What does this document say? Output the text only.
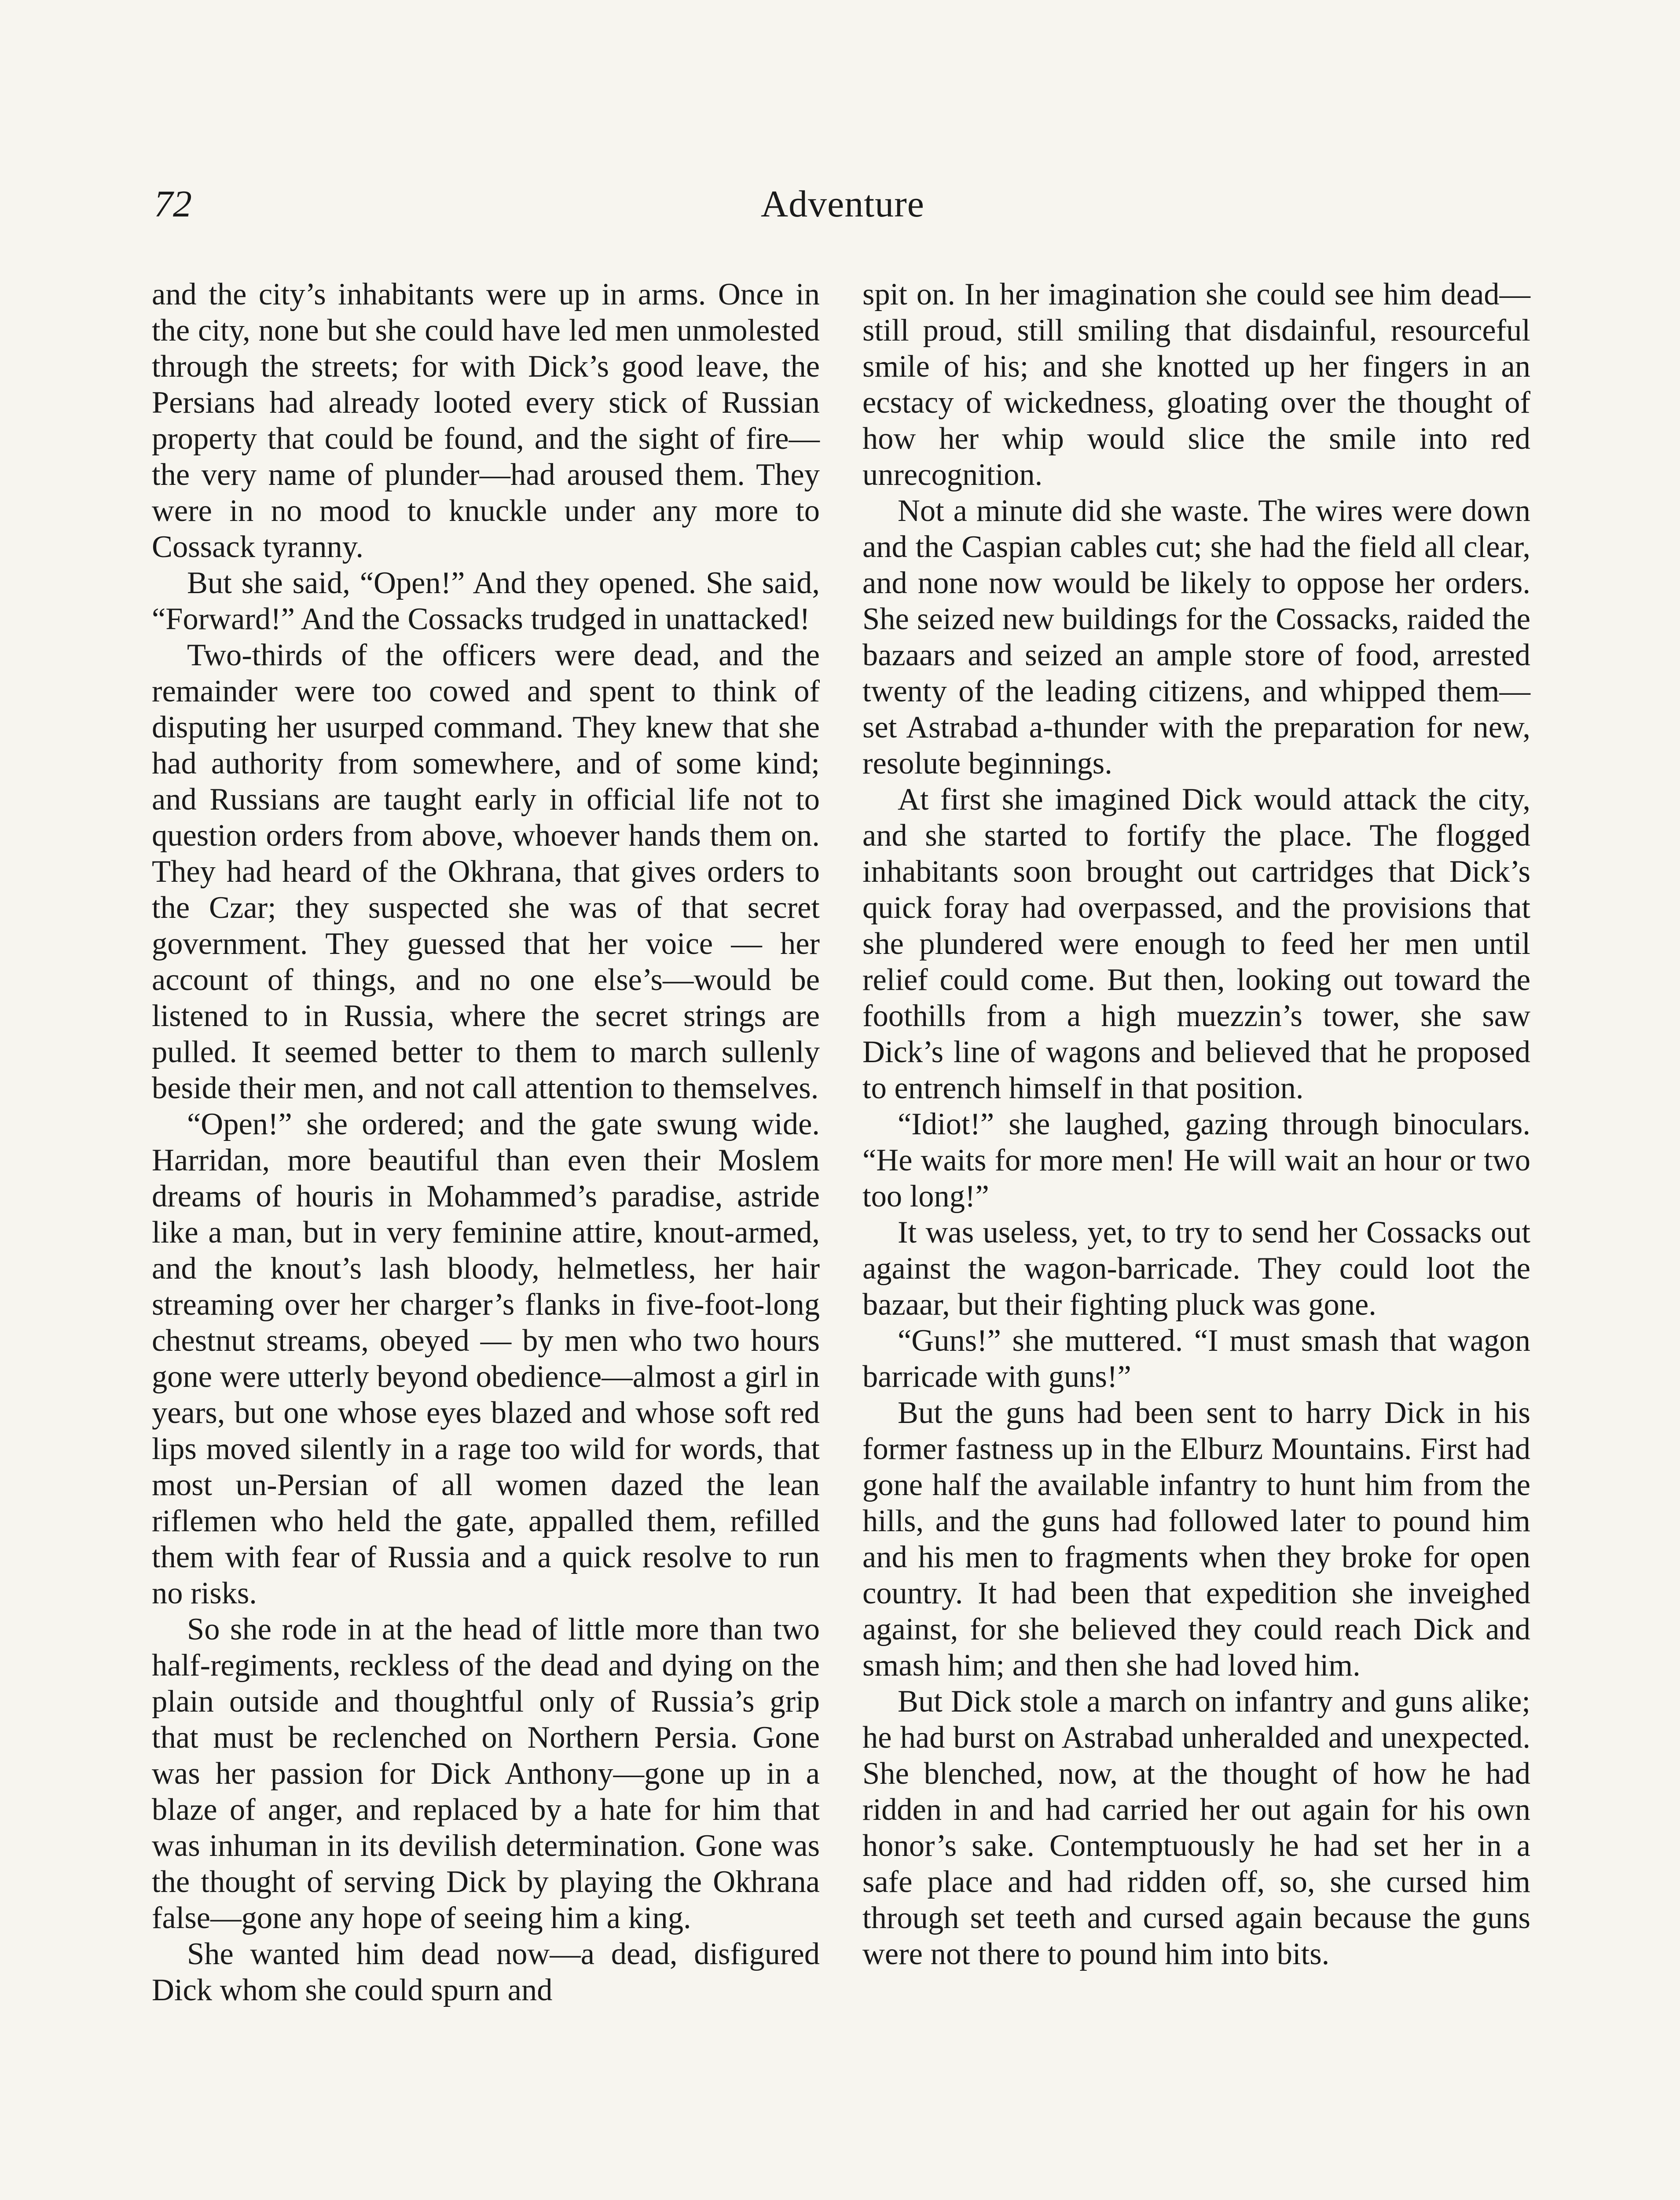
72	Adventure

and the city’s inhabitants were up in arms. Once in the city, none but she could have led men unmolested through the streets; for with Dick’s good leave, the Persians had already looted every stick of Russian property that could be found, and the sight of fire—the very name of plunder—had aroused them. They were in no mood to knuckle under any more to Cossack tyranny.

But she said, “Open!” And they opened. She said, “Forward!” And the Cossacks trudged in unattacked!

Two-thirds of the officers were dead, and the remainder were too cowed and spent to think of disputing her usurped command. They knew that she had authority from somewhere, and of some kind; and Russians are taught early in official life not to question orders from above, whoever hands them on. They had heard of the Okhrana, that gives orders to the Czar; they suspected she was of that secret government. They guessed that her voice — her account of things, and no one else’s—would be listened to in Russia, where the secret strings are pulled. It seemed better to them to march sullenly beside their men, and not call attention to themselves.

“Open!” she ordered; and the gate swung wide. Harridan, more beautiful than even their Moslem dreams of houris in Mohammed’s paradise, astride like a man, but in very feminine attire, knout-armed, and the knout’s lash bloody, helmetless, her hair streaming over her charger’s flanks in five-foot-long chestnut streams, obeyed — by men who two hours gone were utterly beyond obedience—almost a girl in years, but one whose eyes blazed and whose soft red lips moved silently in a rage too wild for words, that most un-Persian of all women dazed the lean riflemen who held the gate, appalled them, refilled them with fear of Russia and a quick resolve to run no risks.

So she rode in at the head of little more than two half-regiments, reckless of the dead and dying on the plain outside and thoughtful only of Russia’s grip that must be reclenched on Northern Persia. Gone was her passion for Dick Anthony—gone up in a blaze of anger, and replaced by a hate for him that was inhuman in its devilish determination. Gone was the thought of serving Dick by playing the Okhrana false—gone any hope of seeing him a king.

She wanted him dead now—a dead, disfigured Dick whom she could spurn and

spit on. In her imagination she could see him dead—still proud, still smiling that disdainful, resourceful smile of his; and she knotted up her fingers in an ecstacy of wickedness, gloating over the thought of how her whip would slice the smile into red unrecognition.

Not a minute did she waste. The wires were down and the Caspian cables cut; she had the field all clear, and none now would be likely to oppose her orders. She seized new buildings for the Cossacks, raided the bazaars and seized an ample store of food, arrested twenty of the leading citizens, and whipped them—set Astrabad a-thunder with the preparation for new, resolute beginnings.

At first she imagined Dick would attack the city, and she started to fortify the place. The flogged inhabitants soon brought out cartridges that Dick’s quick foray had overpassed, and the provisions that she plundered were enough to feed her men until relief could come. But then, looking out toward the foothills from a high muezzin’s tower, she saw Dick’s line of wagons and believed that he proposed to entrench himself in that position.

“Idiot!” she laughed, gazing through binoculars. “He waits for more men! He will wait an hour or two too long!”

It was useless, yet, to try to send her Cossacks out against the wagon-barricade. They could loot the bazaar, but their fighting pluck was gone.

“Guns!” she muttered. “I must smash that wagon barricade with guns!”

But the guns had been sent to harry Dick in his former fastness up in the Elburz Mountains. First had gone half the available infantry to hunt him from the hills, and the guns had followed later to pound him and his men to fragments when they broke for open country. It had been that expedition she inveighed against, for she believed they could reach Dick and smash him; and then she had loved him.

But Dick stole a march on infantry and guns alike; he had burst on Astrabad unheralded and unexpected. She blenched, now, at the thought of how he had ridden in and had carried her out again for his own honor’s sake. Contemptuously he had set her in a safe place and had ridden off, so, she cursed him through set teeth and cursed again because the guns were not there to pound him into bits.
